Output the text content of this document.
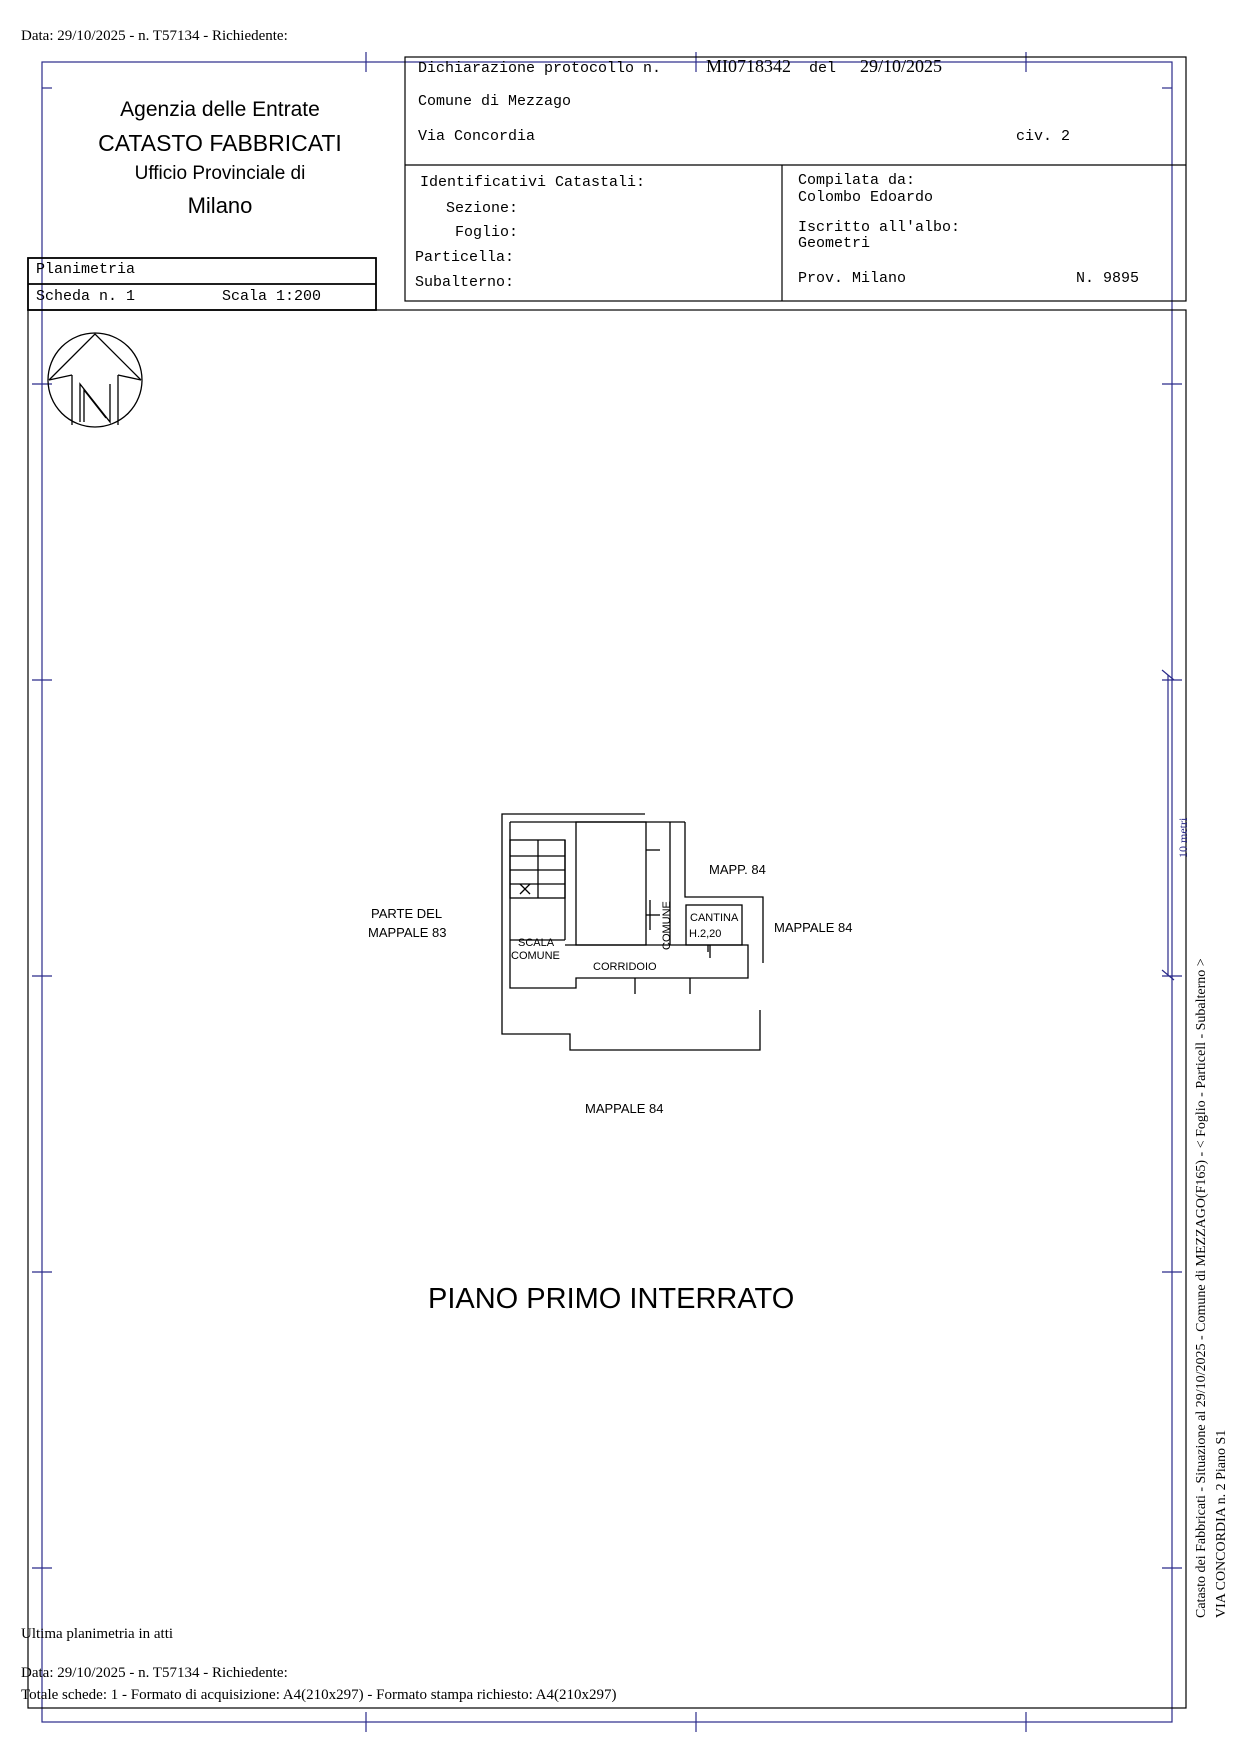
Data: 29/10/2025 - n. T57134 - Richiedente:
Agenzia delle Entrate
CATASTO FABBRICATI
Ufficio Provinciale di
Milano
Planimetria
Scheda n. 1	Scala 1:200
Dichiarazione protocollo n. MI0718342 del 29/10/2025
Comune di Mezzago
Via Concordia	civ. 2
Identificativi Catastali:
Sezione:
Foglio:
Particella:
Subalterno:
Compilata da:
Colombo Edoardo
Iscritto all'albo:
Geometri
Prov. Milano	N. 9895
MAPP. 84
PARTE DEL
MAPPALE 83	MAPPALE 84
CANTINA
H.2,20
COMUNE
SCALA
COMUNE
CORRIDOIO
MAPPALE 84
PIANO PRIMO INTERRATO
10 metri
Catasto dei Fabbricati - Situazione al 29/10/2025 - Comune di MEZZAGO(F165) - < Foglio - Particell - Subalterno > VIA CONCORDIA n. 2 Piano S1
Ultima planimetria in atti
Data: 29/10/2025 - n. T57134 - Richiedente:
Totale schede: 1 - Formato di acquisizione: A4(210x297) - Formato stampa richiesto: A4(210x297)
